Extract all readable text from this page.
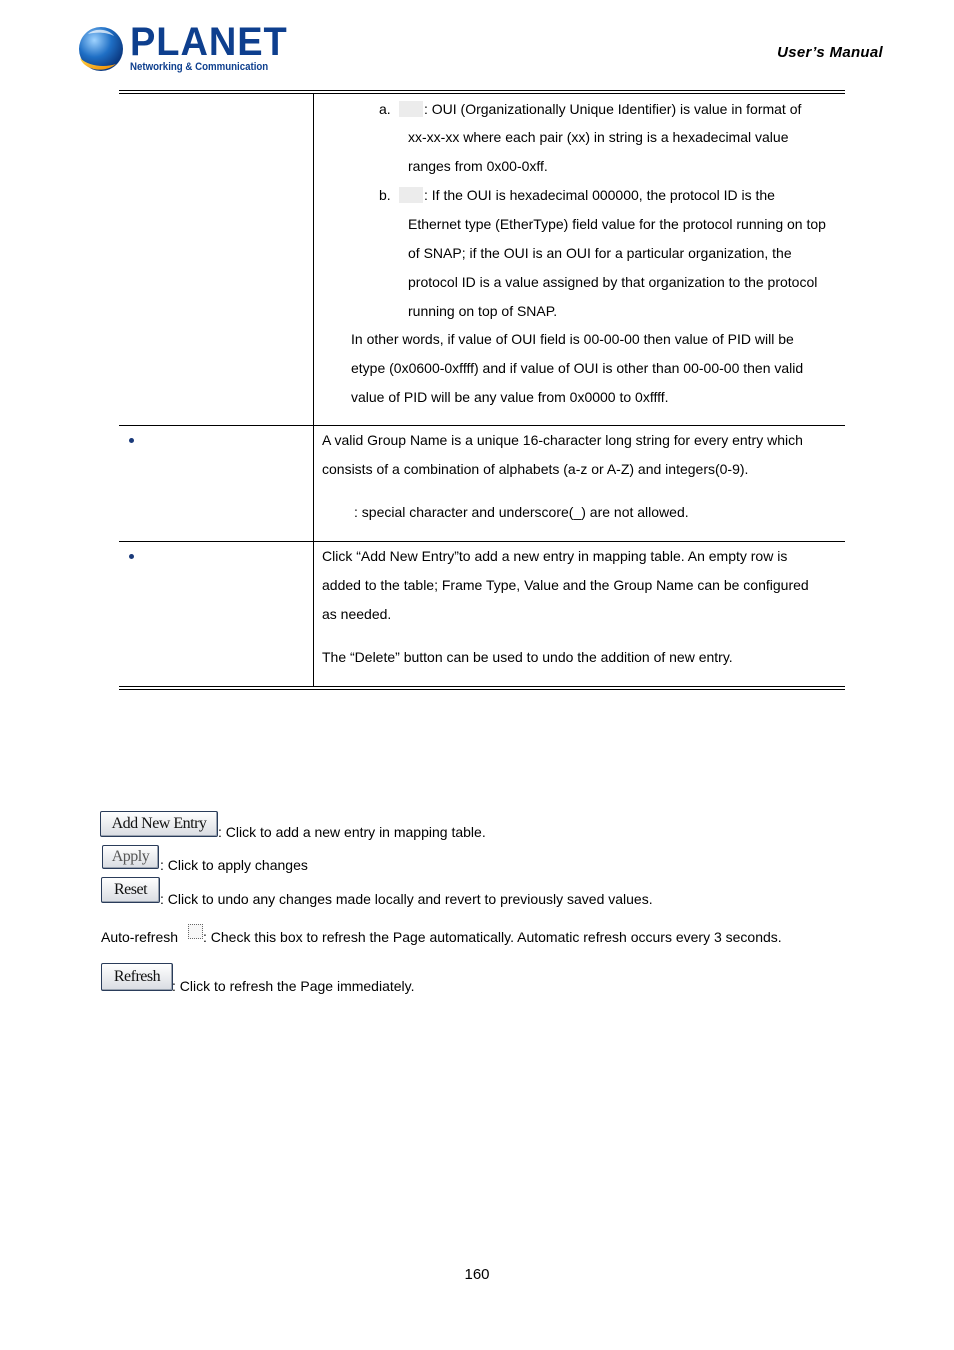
PLANET
Networking & Communication
User’s Manual
a.	: OUI (Organizationally Unique Identifier) is value in format of
xx-xx-xx where each pair (xx) in string is a hexadecimal value
ranges from 0x00-0xff.
b.	: If the OUI is hexadecimal 000000, the protocol ID is the
Ethernet type (EtherType) field value for the protocol running on top
of SNAP; if the OUI is an OUI for a particular organization, the
protocol ID is a value assigned by that organization to the protocol
running on top of SNAP.
In other words, if value of OUI field is 00-00-00 then value of PID will be
etype (0x0600-0xffff) and if value of OUI is other than 00-00-00 then valid
value of PID will be any value from 0x0000 to 0xffff.
A valid Group Name is a unique 16-character long string for every entry which
consists of a combination of alphabets (a-z or A-Z) and integers(0-9).
: special character and underscore(_) are not allowed.
Click “Add New Entry”to add a new entry in mapping table. An empty row is
added to the table; Frame Type, Value and the Group Name can be configured
as needed.
The “Delete” button can be used to undo the addition of new entry.
Add New Entry : Click to add a new entry in mapping table.
Apply : Click to apply changes
Reset
: Click to undo any changes made locally and revert to previously saved values.
Auto-refresh : Check this box to refresh the Page automatically. Automatic refresh occurs every 3 seconds.
Refresh
: Click to refresh the Page immediately.
160
